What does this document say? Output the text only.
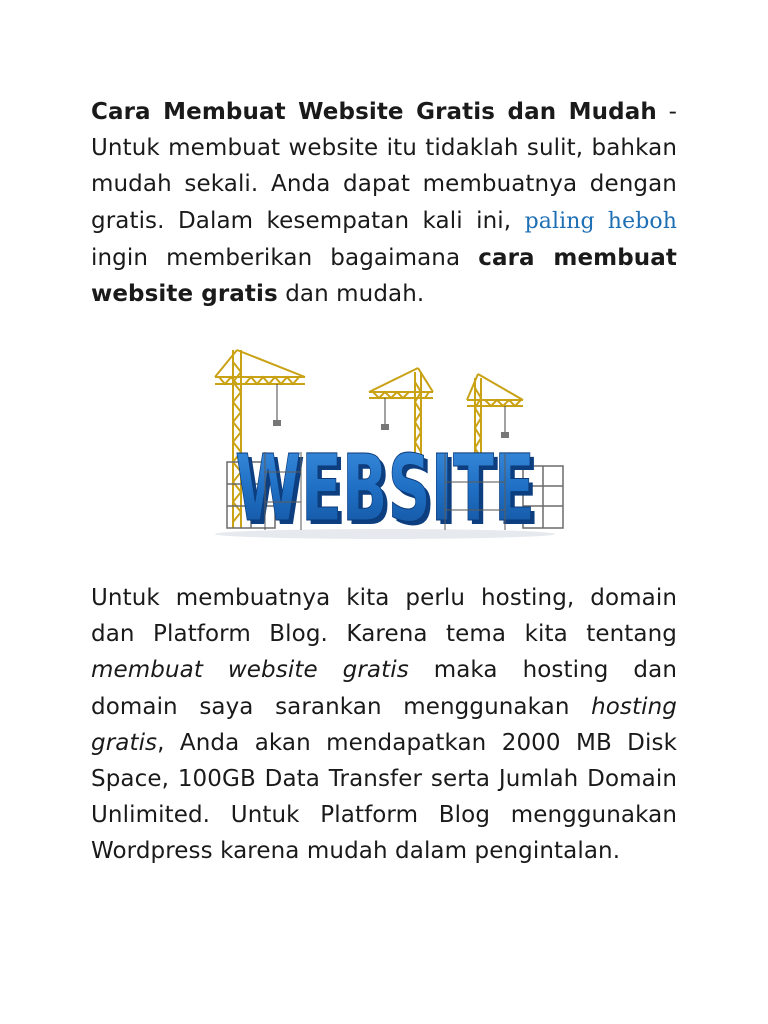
Cara Membuat Website Gratis dan Mudah - Untuk membuat website itu tidaklah sulit, bahkan mudah sekali. Anda dapat membuatnya dengan gratis. Dalam kesempatan kali ini, paling heboh ingin memberikan bagaimana cara membuat website gratis dan mudah.

WEBSITE
WEBSITE

Untuk membuatnya kita perlu hosting, domain dan Platform Blog. Karena tema kita tentang membuat website gratis maka hosting dan domain saya sarankan menggunakan hosting gratis, Anda akan mendapatkan 2000 MB Disk Space, 100GB Data Transfer serta Jumlah Domain Unlimited. Untuk Platform Blog menggunakan Wordpress karena mudah dalam pengintalan.
